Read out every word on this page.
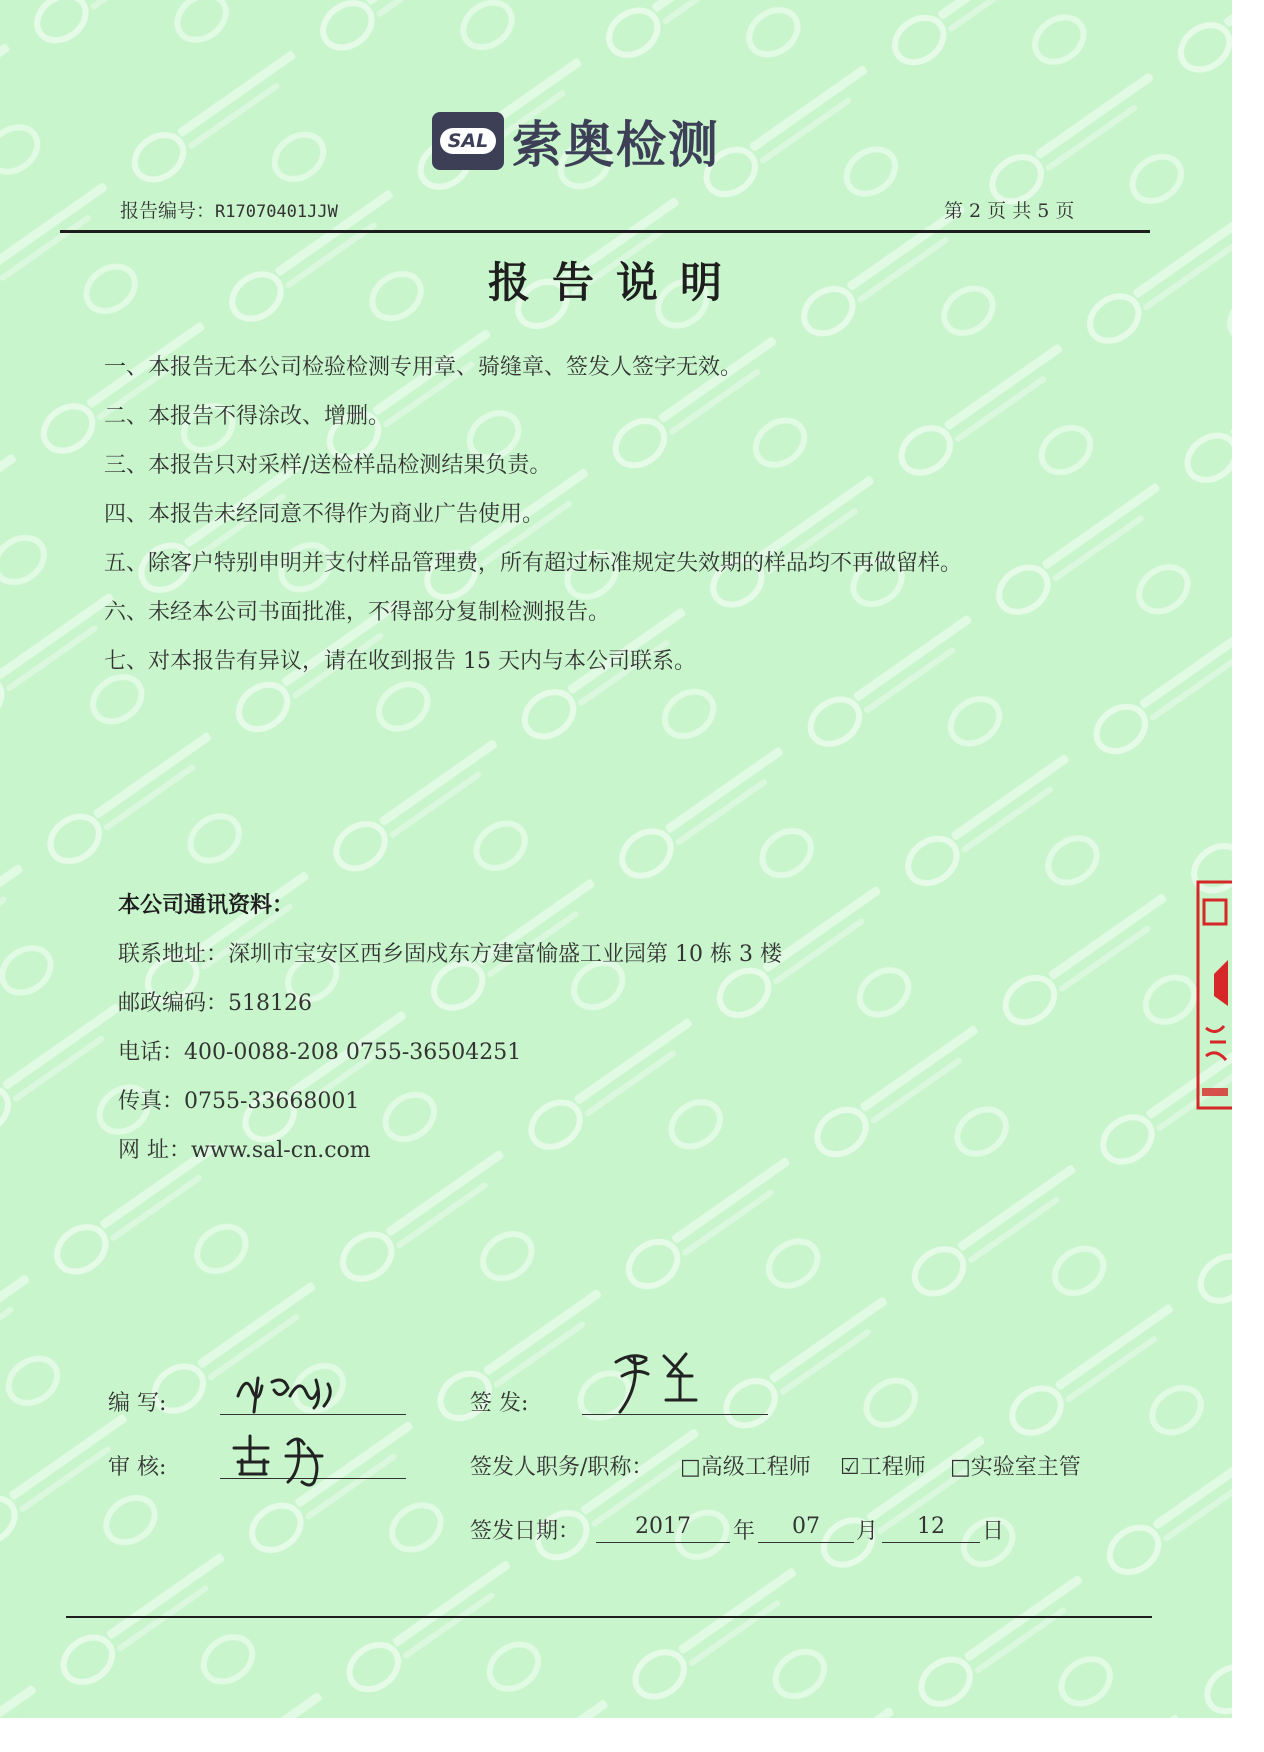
SAL 索奥检测
报告编号：R17070401JJW	第 2 页 共 5 页
报告说明
一、本报告无本公司检验检测专用章、骑缝章、签发人签字无效。
二、本报告不得涂改、增删。
三、本报告只对采样/送检样品检测结果负责。
四、本报告未经同意不得作为商业广告使用。
五、除客户特别申明并支付样品管理费，所有超过标准规定失效期的样品均不再做留样。
六、未经本公司书面批准，不得部分复制检测报告。
七、对本报告有异议，请在收到报告 15 天内与本公司联系。
本公司通讯资料：
联系地址：深圳市宝安区西乡固戍东方建富愉盛工业园第 10 栋 3 楼
邮政编码：518126
电话：400-0088-208 0755-36504251
传真：0755-33668001
网 址：www.sal-cn.com
编 写:
审 核:
签 发:
签发人职务/职称： □高级工程师 ☑工程师 □实验室主管
签发日期：	2017	年	07	月	12	日
